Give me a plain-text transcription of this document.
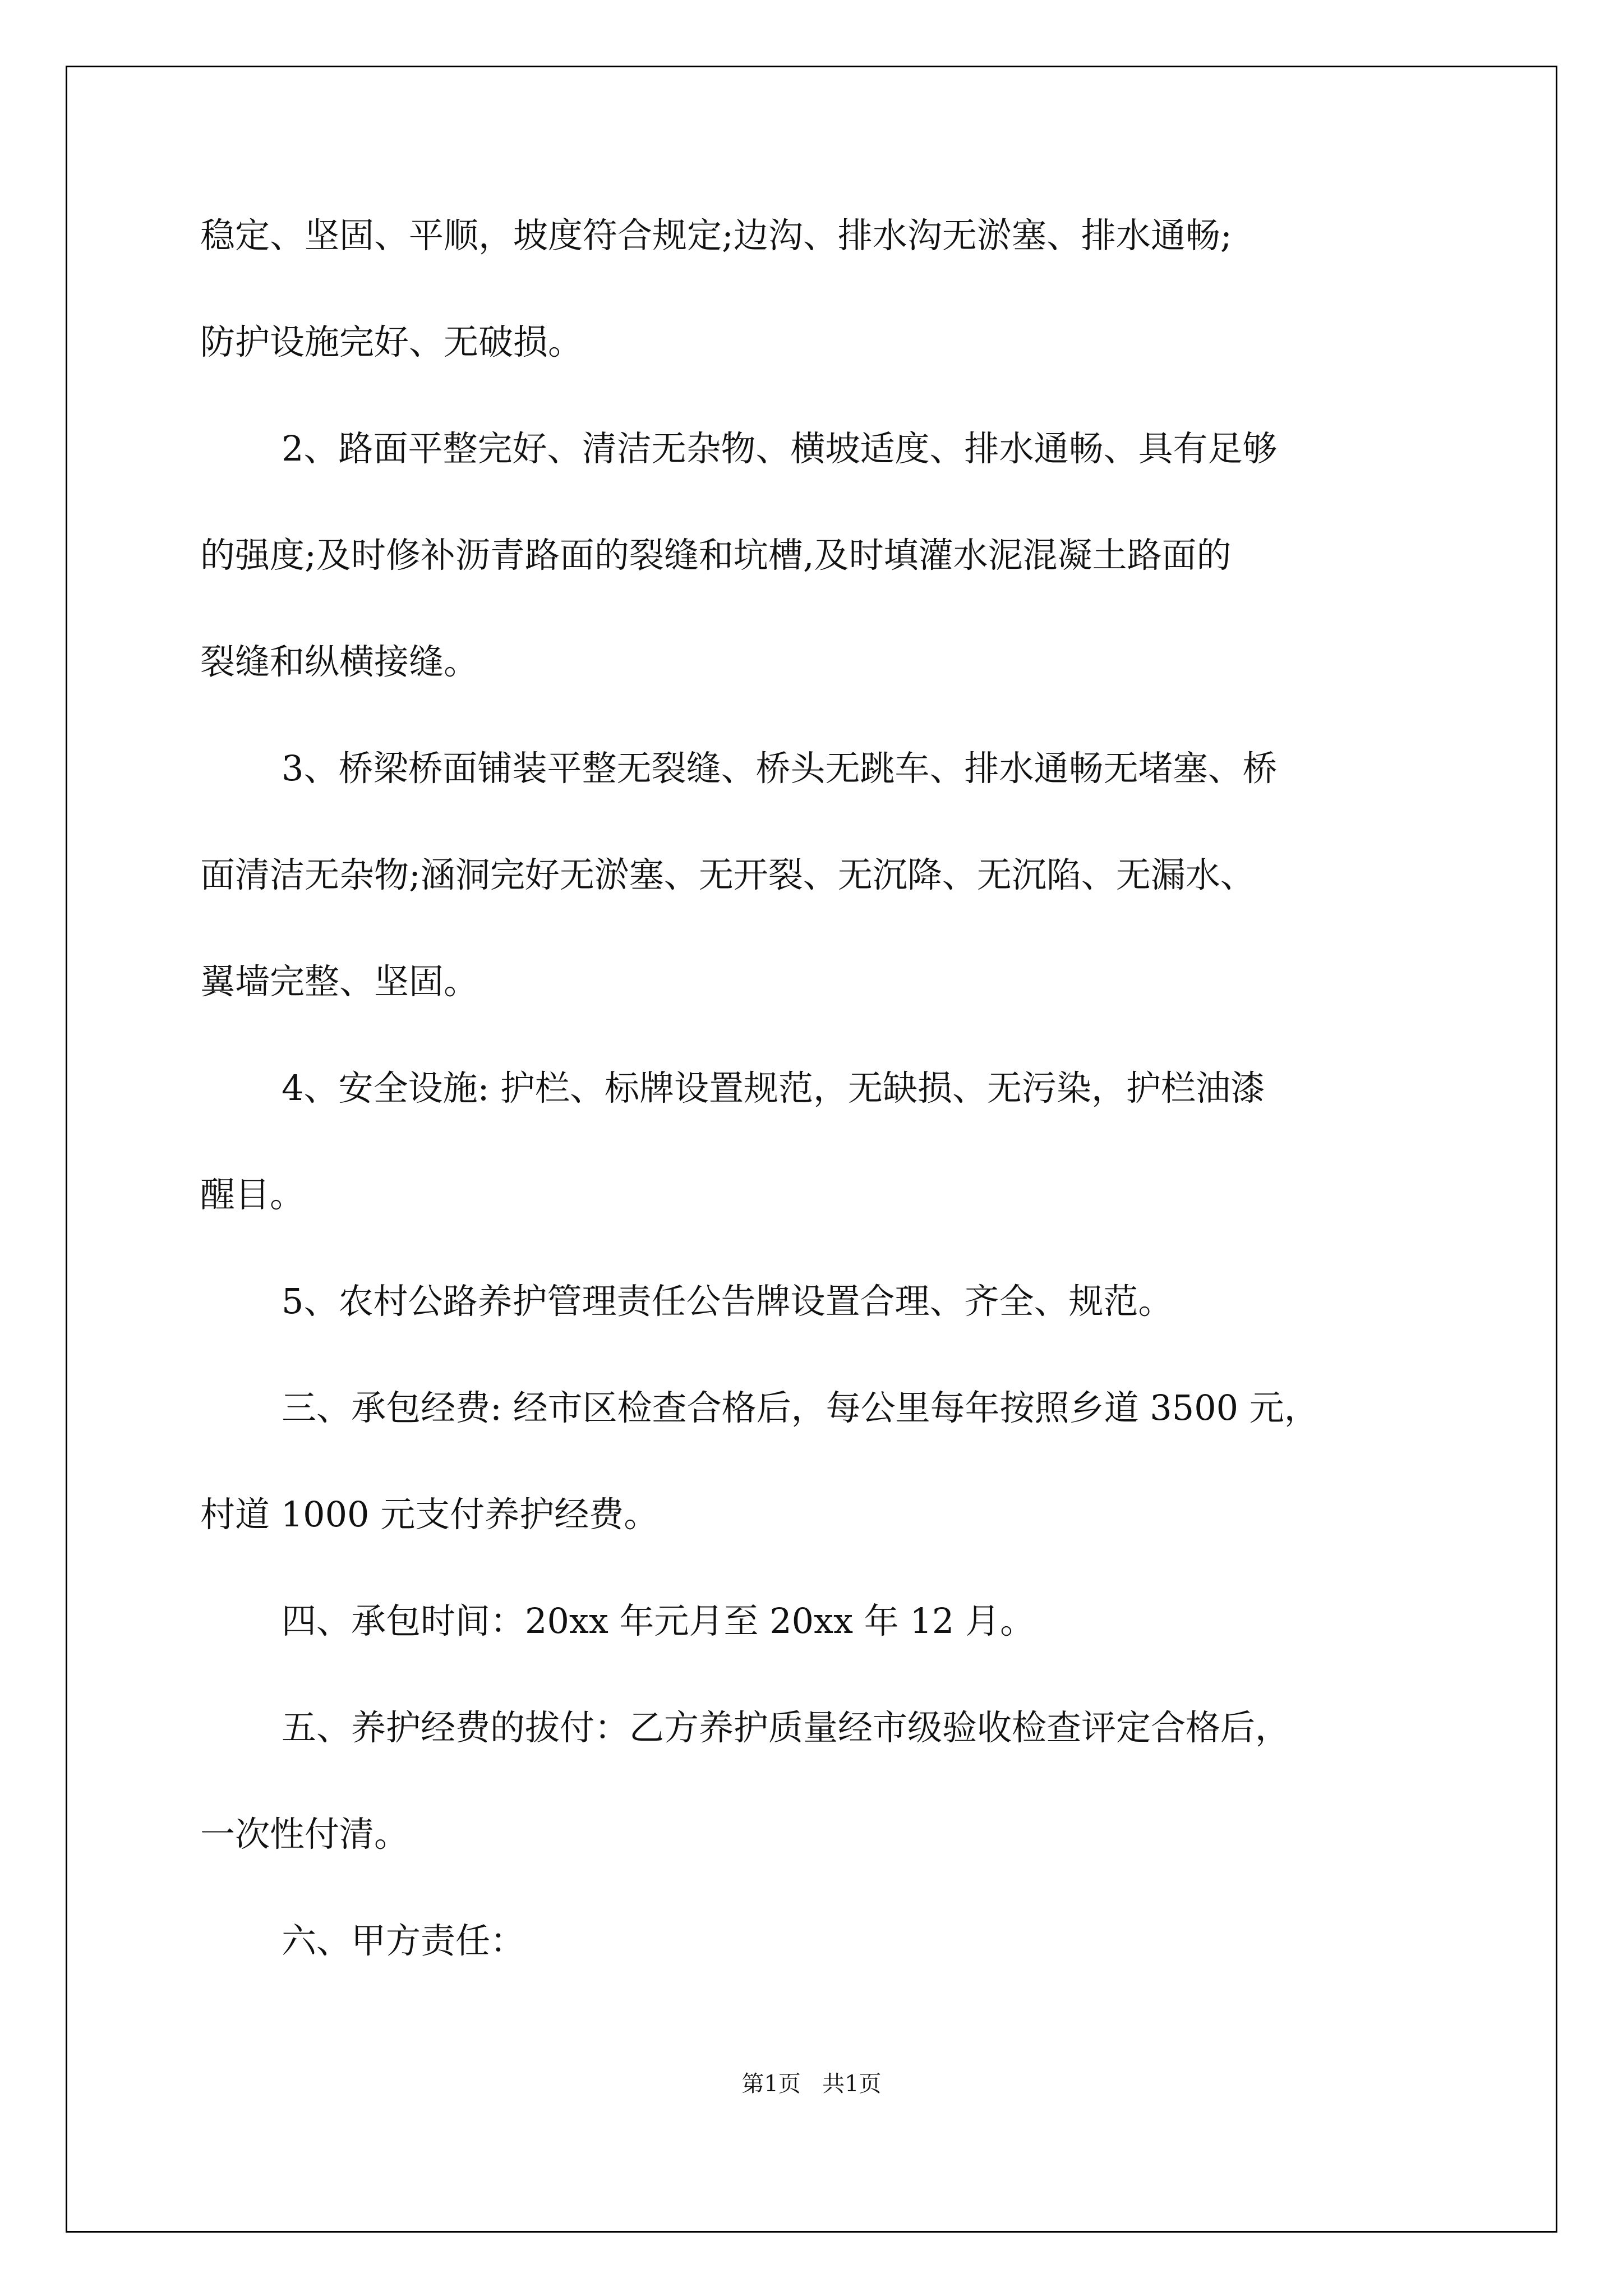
稳定、坚固、平顺，坡度符合规定;边沟、排水沟无淤塞、排水通畅;
防护设施完好、无破损。
2、路面平整完好、清洁无杂物、横坡适度、排水通畅、具有足够
的强度;及时修补沥青路面的裂缝和坑槽,及时填灌水泥混凝土路面的
裂缝和纵横接缝。
3、桥梁桥面铺装平整无裂缝、桥头无跳车、排水通畅无堵塞、桥
面清洁无杂物;涵洞完好无淤塞、无开裂、无沉降、无沉陷、无漏水、
翼墙完整、坚固。
4、安全设施: 护栏、标牌设置规范，无缺损、无污染，护栏油漆
醒目。
5、农村公路养护管理责任公告牌设置合理、齐全、规范。
三、承包经费: 经市区检查合格后，每公里每年按照乡道 3500 元，
村道 1000 元支付养护经费。
四、承包时间：20xx 年元月至 20xx 年 12 月。
五、养护经费的拔付：乙方养护质量经市级验收检查评定合格后，
一次性付清。
六、甲方责任：
第1页 共1页
